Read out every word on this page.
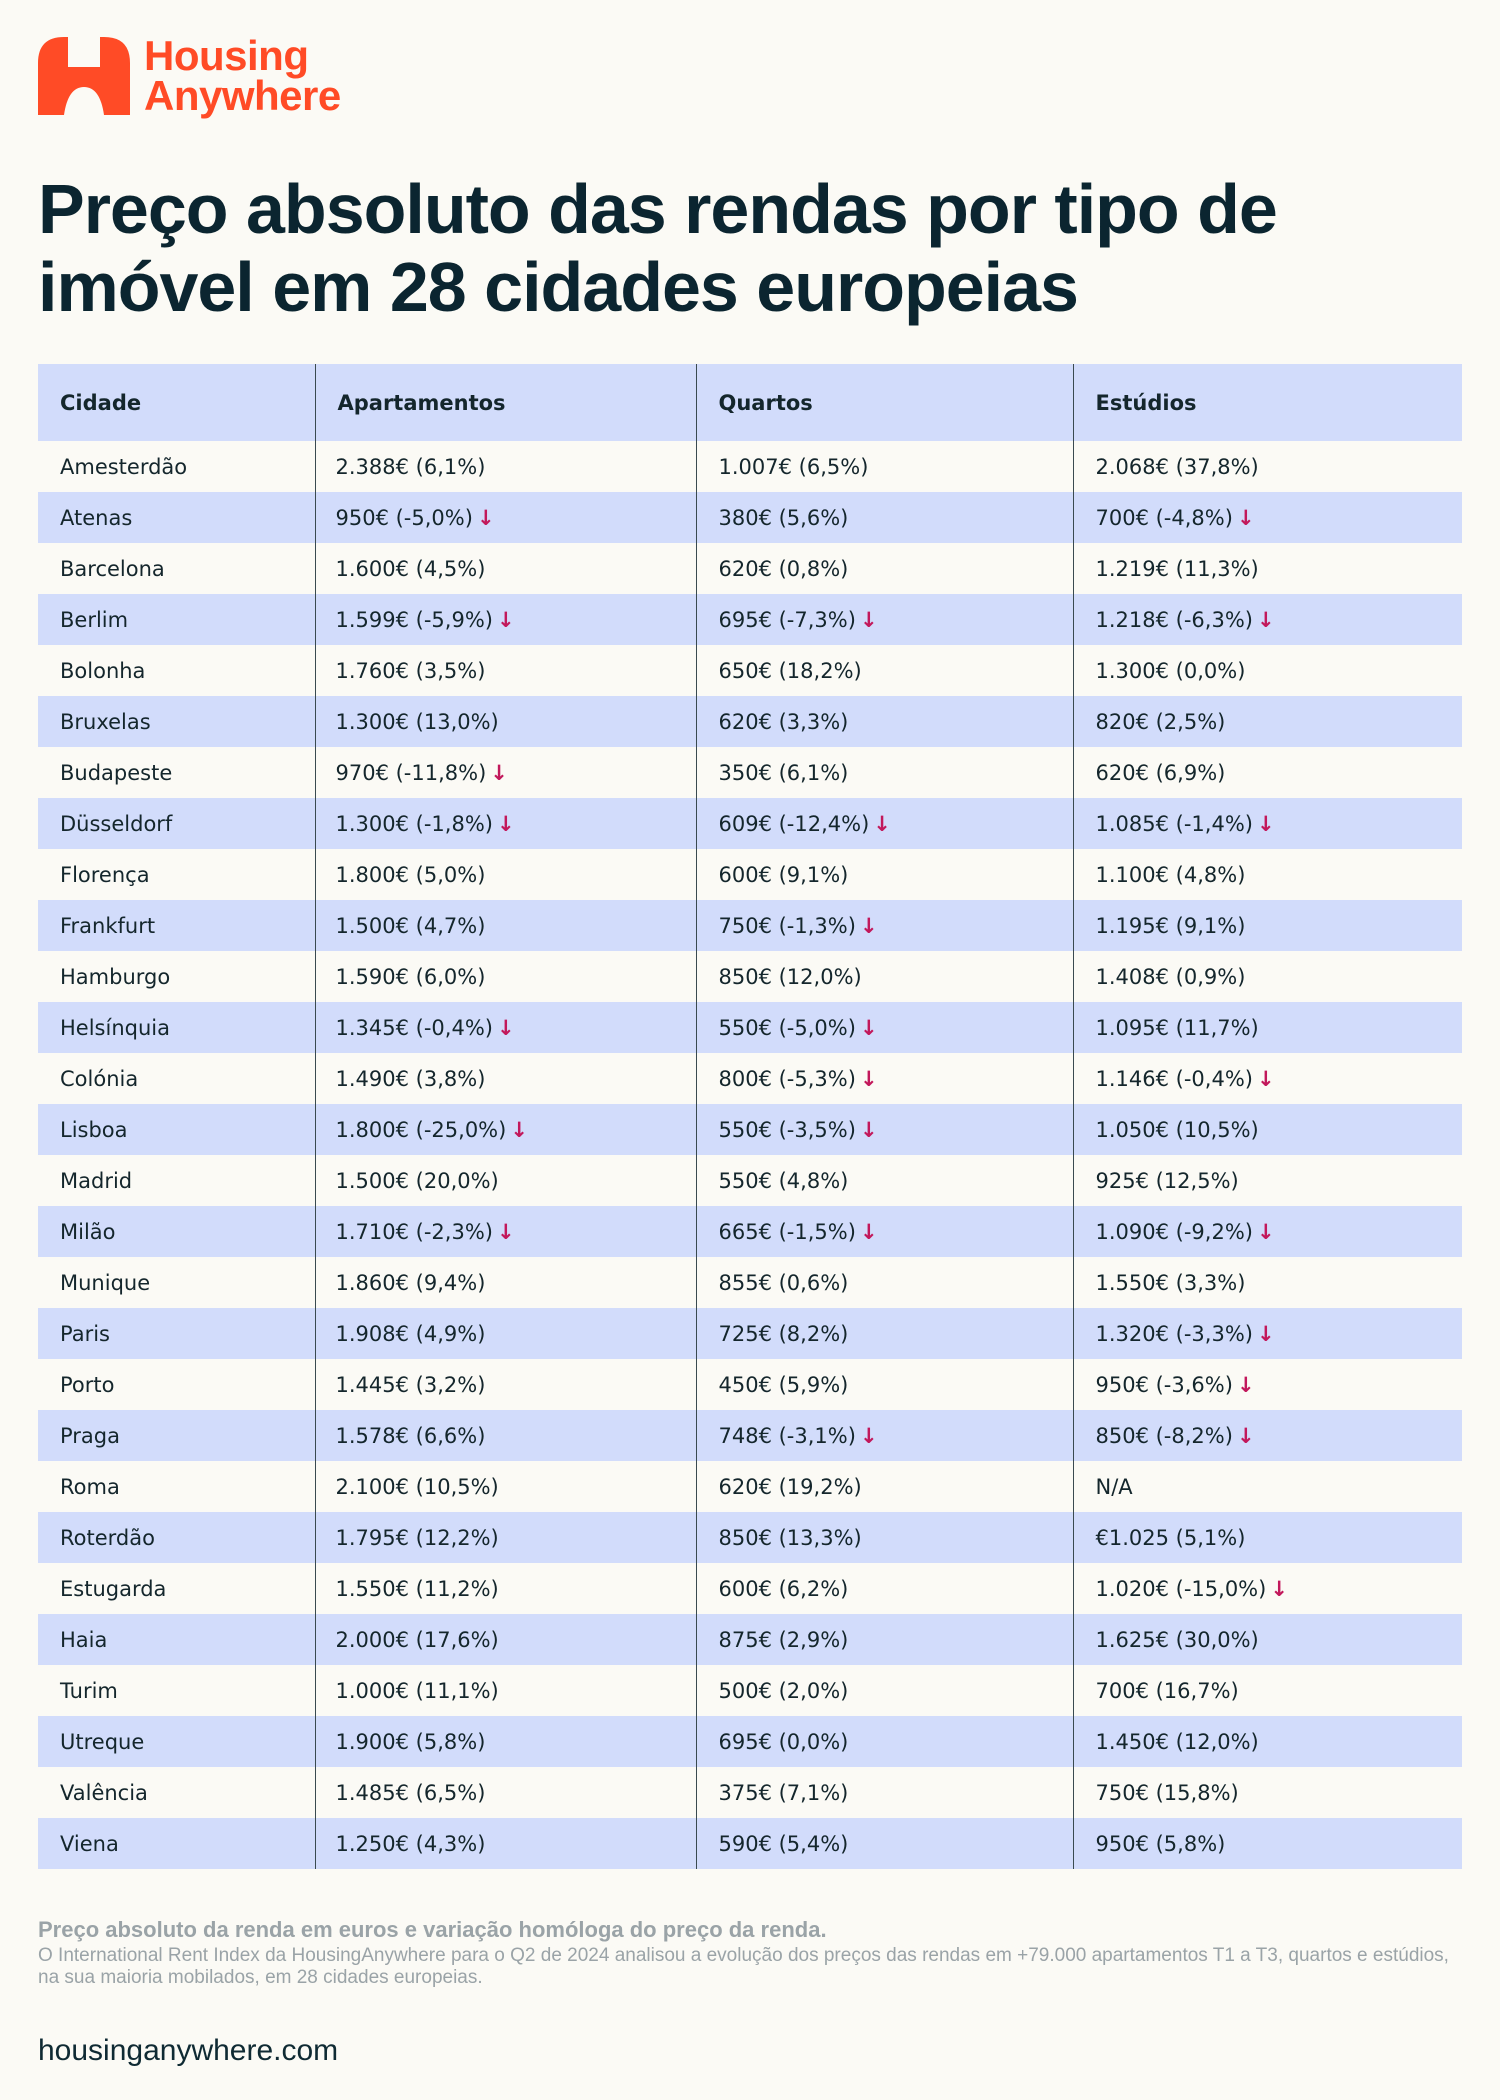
Housing
Anywhere
Preço absoluto das rendas por tipo de imóvel em 28 cidades europeias
Cidade	Apartamentos	Quartos	Estúdios
Amesterdão	2.388€ (6,1%)	1.007€ (6,5%)	2.068€ (37,8%)
Atenas	950€ (-5,0%) ↓	380€ (5,6%)	700€ (-4,8%) ↓
Barcelona	1.600€ (4,5%)	620€ (0,8%)	1.219€ (11,3%)
Berlim	1.599€ (-5,9%) ↓	695€ (-7,3%) ↓	1.218€ (-6,3%) ↓
Bolonha	1.760€ (3,5%)	650€ (18,2%)	1.300€ (0,0%)
Bruxelas	1.300€ (13,0%)	620€ (3,3%)	820€ (2,5%)
Budapeste	970€ (-11,8%) ↓	350€ (6,1%)	620€ (6,9%)
Düsseldorf	1.300€ (-1,8%) ↓	609€ (-12,4%) ↓	1.085€ (-1,4%) ↓
Florença	1.800€ (5,0%)	600€ (9,1%)	1.100€ (4,8%)
Frankfurt	1.500€ (4,7%)	750€ (-1,3%) ↓	1.195€ (9,1%)
Hamburgo	1.590€ (6,0%)	850€ (12,0%)	1.408€ (0,9%)
Helsínquia	1.345€ (-0,4%) ↓	550€ (-5,0%) ↓	1.095€ (11,7%)
Colónia	1.490€ (3,8%)	800€ (-5,3%) ↓	1.146€ (-0,4%) ↓
Lisboa	1.800€ (-25,0%) ↓	550€ (-3,5%) ↓	1.050€ (10,5%)
Madrid	1.500€ (20,0%)	550€ (4,8%)	925€ (12,5%)
Milão	1.710€ (-2,3%) ↓	665€ (-1,5%) ↓	1.090€ (-9,2%) ↓
Munique	1.860€ (9,4%)	855€ (0,6%)	1.550€ (3,3%)
Paris	1.908€ (4,9%)	725€ (8,2%)	1.320€ (-3,3%) ↓
Porto	1.445€ (3,2%)	450€ (5,9%)	950€ (-3,6%) ↓
Praga	1.578€ (6,6%)	748€ (-3,1%) ↓	850€ (-8,2%) ↓
Roma	2.100€ (10,5%)	620€ (19,2%)	N/A
Roterdão	1.795€ (12,2%)	850€ (13,3%)	€1.025 (5,1%)
Estugarda	1.550€ (11,2%)	600€ (6,2%)	1.020€ (-15,0%) ↓
Haia	2.000€ (17,6%)	875€ (2,9%)	1.625€ (30,0%)
Turim	1.000€ (11,1%)	500€ (2,0%)	700€ (16,7%)
Utreque	1.900€ (5,8%)	695€ (0,0%)	1.450€ (12,0%)
Valência	1.485€ (6,5%)	375€ (7,1%)	750€ (15,8%)
Viena	1.250€ (4,3%)	590€ (5,4%)	950€ (5,8%)
Preço absoluto da renda em euros e variação homóloga do preço da renda.
O International Rent Index da HousingAnywhere para o Q2 de 2024 analisou a evolução dos preços das rendas em +79.000 apartamentos T1 a T3, quartos e estúdios, na sua maioria mobilados, em 28 cidades europeias.
housinganywhere.com
